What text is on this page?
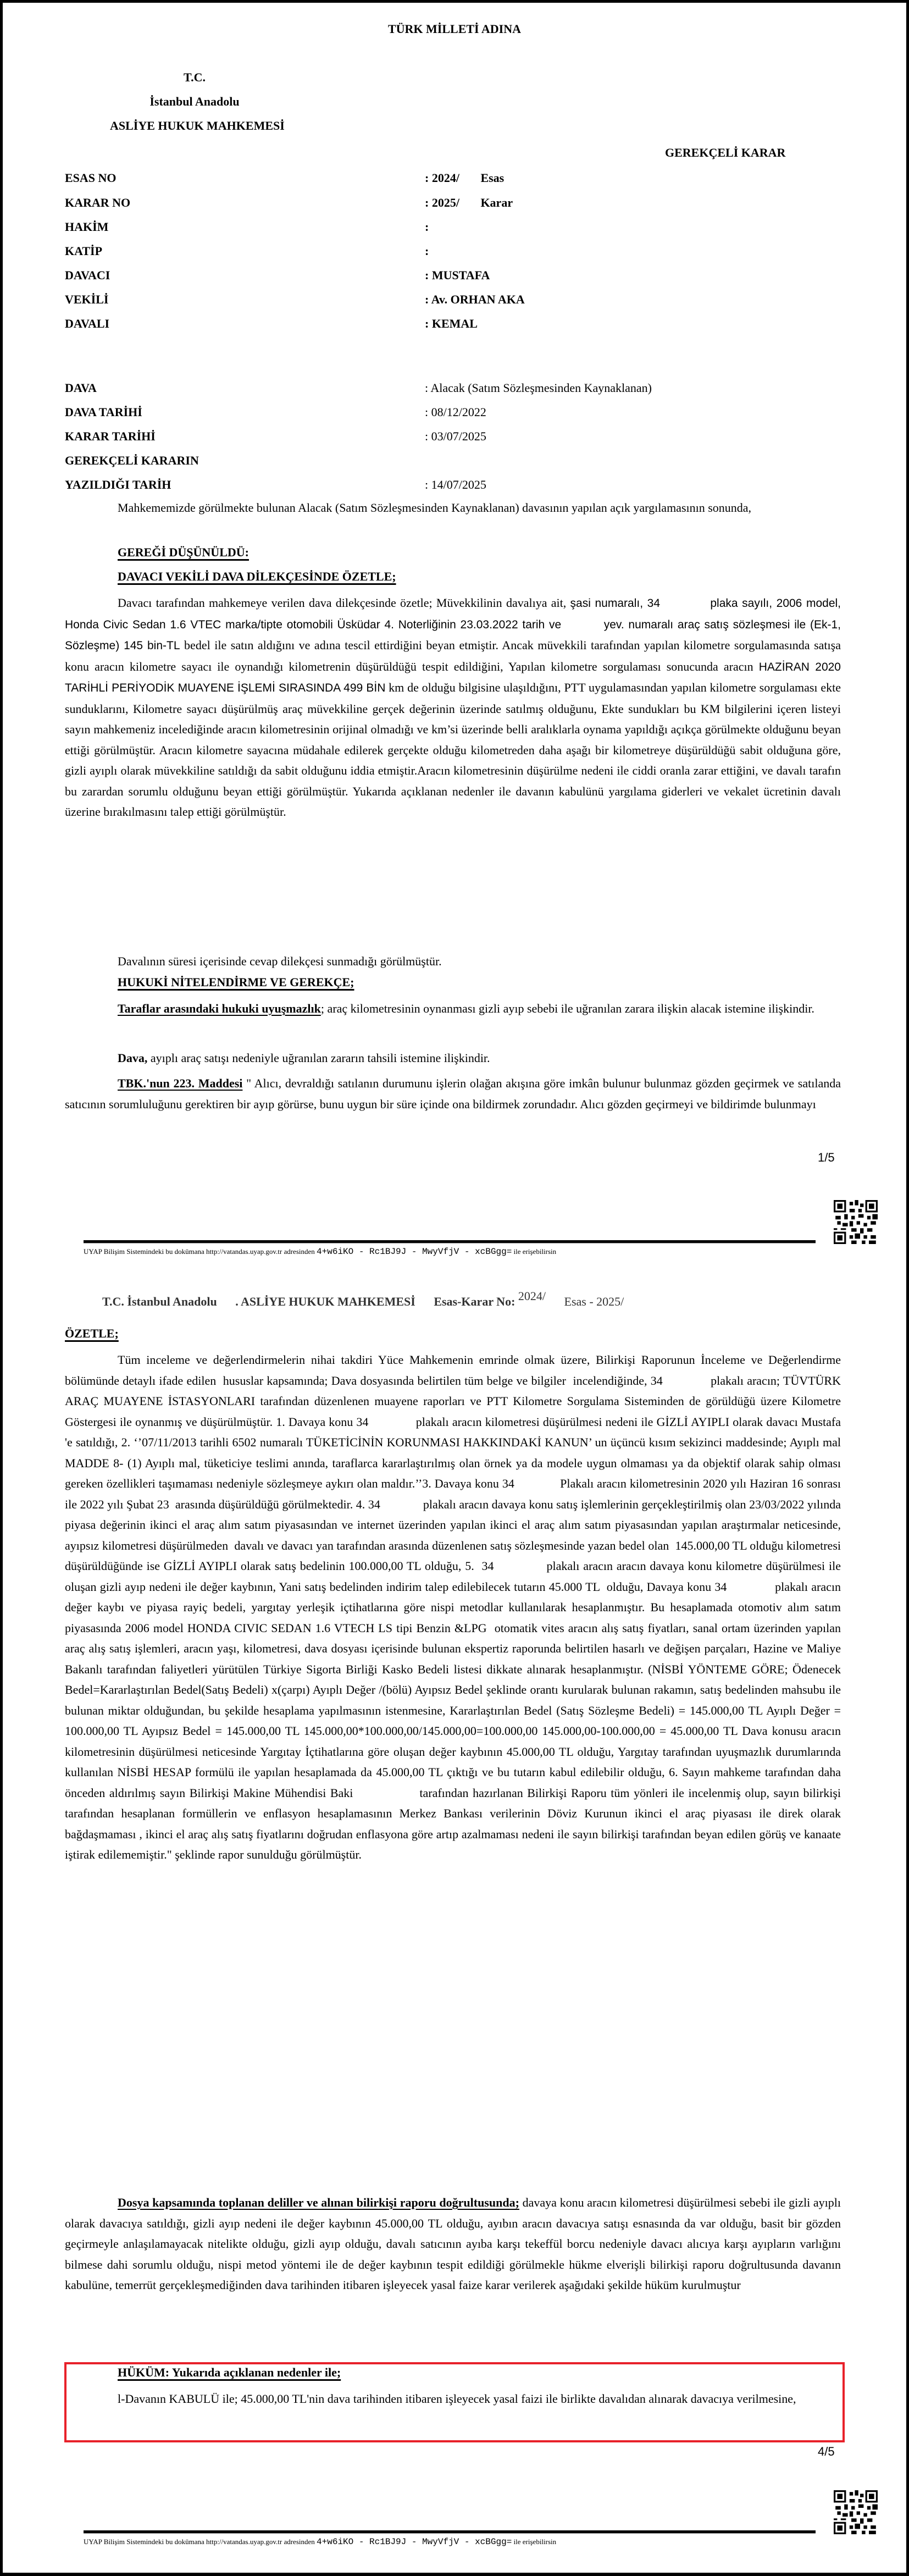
TÜRK MİLLETİ ADINA
T.C.
İstanbul Anadolu
ASLİYE HUKUK MAHKEMESİ
GEREKÇELİ KARAR
ESAS NO	: 2024/       Esas
KARAR NO	: 2025/       Karar
HAKİM	:
KATİP	:
DAVACI	: MUSTAFA
VEKİLİ	: Av. ORHAN AKA
DAVALI	: KEMAL
DAVA	: Alacak (Satım Sözleşmesinden Kaynaklanan)
DAVA TARİHİ	: 08/12/2022
KARAR TARİHİ	: 03/07/2025
GEREKÇELİ KARARIN
YAZILDIĞI TARİH	: 14/07/2025
Mahkememizde görülmekte bulunan Alacak (Satım Sözleşmesinden Kaynaklanan) davasının yapılan açık yargılamasının sonunda,
GEREĞİ DÜŞÜNÜLDÜ:
DAVACI VEKİLİ DAVA DİLEKÇESİNDE ÖZETLE;
Davacı tarafından mahkemeye verilen dava dilekçesinde özetle; Müvekkilinin davalıya ait, şasi numaralı, 34            plaka sayılı, 2006 model, Honda Civic Sedan 1.6 VTEC marka/tipte otomobili Üsküdar 4. Noterliğinin 23.03.2022 tarih ve          yev. numaralı araç satış sözleşmesi ile (Ek-1, Sözleşme) 145 bin-TL bedel ile satın aldığını ve adına tescil ettirdiğini beyan etmiştir. Ancak müvekkili tarafından yapılan kilometre sorgulamasında satışa konu aracın kilometre sayacı ile oynandığı kilometrenin düşürüldüğü tespit edildiğini, Yapılan kilometre sorgulaması sonucunda aracın HAZİRAN 2020 TARİHLİ PERİYODİK MUAYENE İŞLEMİ SIRASINDA 499 BİN km de olduğu bilgisine ulaşıldığını, PTT uygulamasından yapılan kilometre sorgulaması ekte sunduklarını, Kilometre sayacı düşürülmüş araç müvekkiline gerçek değerinin üzerinde satılmış olduğunu, Ekte sundukları bu KM bilgilerini içeren listeyi sayın mahkemeniz incelediğinde aracın kilometresinin orijinal olmadığı ve km’si üzerinde belli aralıklarla oynama yapıldığı açıkça görülmekte olduğunu beyan ettiği görülmüştür. Aracın kilometre sayacına müdahale edilerek gerçekte olduğu kilometreden daha aşağı bir kilometreye düşürüldüğü sabit olduğuna göre, gizli ayıplı olarak müvekkiline satıldığı da sabit olduğunu iddia etmiştir.Aracın kilometresinin düşürülme nedeni ile ciddi oranla zarar ettiğini, ve davalı tarafın bu zarardan sorumlu olduğunu beyan ettiği görülmüştür. Yukarıda açıklanan nedenler ile davanın kabulünü yargılama giderleri ve vekalet ücretinin davalı üzerine bırakılmasını talep ettiği görülmüştür.
Davalının süresi içerisinde cevap dilekçesi sunmadığı görülmüştür.
HUKUKİ NİTELENDİRME VE GEREKÇE;
Taraflar arasındaki hukuki uyuşmazlık; araç kilometresinin oynanması gizli ayıp sebebi ile uğranılan zarara ilişkin alacak istemine ilişkindir.
Dava, ayıplı araç satışı nedeniyle uğranılan zararın tahsili istemine ilişkindir.
TBK.'nun 223. Maddesi " Alıcı, devraldığı satılanın durumunu işlerin olağan akışına göre imkân bulunur bulunmaz gözden geçirmek ve satılanda satıcının sorumluluğunu gerektiren bir ayıp görürse, bunu uygun bir süre içinde ona bildirmek zorundadır. Alıcı gözden geçirmeyi ve bildirimde bulunmayı
1/5
UYAP Bilişim Sistemindeki bu dokümana http://vatandas.uyap.gov.tr adresinden 4+w6iKO - Rc1BJ9J - MwyVfjV - xcBGgg= ile erişebilirsin
T.C. İstanbul Anadolu . ASLİYE HUKUK MAHKEMESİ Esas-Karar No: $^{2024/}$ Esas - 2025/
ÖZETLE;
Tüm inceleme ve değerlendirmelerin nihai takdiri Yüce Mahkemenin emrinde olmak üzere, Bilirkişi Raporunun İnceleme ve Değerlendirme bölümünde detaylı ifade edilen  hususlar kapsamında; Dava dosyasında belirtilen tüm belge ve bilgiler  incelendiğinde, 34              plakalı aracın; TÜVTÜRK ARAÇ MUAYENE İSTASYONLARI tarafından düzenlenen muayene raporları ve PTT Kilometre Sorgulama Sisteminden de görüldüğü üzere Kilometre Göstergesi ile oynanmış ve düşürülmüştür. 1. Davaya konu 34              plakalı aracın kilometresi düşürülmesi nedeni ile GİZLİ AYIPLI olarak davacı Mustafa      'e satıldığı, 2. ‘’07/11/2013 tarihli 6502 numaralı TÜKETİCİNİN KORUNMASI HAKKINDAKİ KANUN’ un üçüncü kısım sekizinci maddesinde; Ayıplı mal MADDE 8- (1) Ayıplı mal, tüketiciye teslimi anında, taraflarca kararlaştırılmış olan örnek ya da modele uygun olmaması ya da objektif olarak sahip olması gereken özellikleri taşımaması nedeniyle sözleşmeye aykırı olan maldır.’’3. Davaya konu 34              Plakalı aracın kilometresinin 2020 yılı Haziran 16 sonrası ile 2022 yılı Şubat 23  arasında düşürüldüğü görülmektedir. 4. 34              plakalı aracın davaya konu satış işlemlerinin gerçekleştirilmiş olan 23/03/2022 yılında piyasa değerinin ikinci el araç alım satım piyasasından ve internet üzerinden yapılan ikinci el araç alım satım piyasasından yapılan araştırmalar neticesinde, ayıpsız kilometresi düşürülmeden  davalı ve davacı yan tarafından arasında düzenlenen satış sözleşmesinde yazan bedel olan  145.000,00 TL olduğu kilometresi düşürüldüğünde ise GİZLİ AYIPLI olarak satış bedelinin 100.000,00 TL olduğu, 5.  34              plakalı aracın aracın davaya konu kilometre düşürülmesi ile oluşan gizli ayıp nedeni ile değer kaybının, Yani satış bedelinden indirim talep edilebilecek tutarın 45.000 TL  olduğu, Davaya konu 34              plakalı aracın değer kaybı ve piyasa rayiç bedeli, yargıtay yerleşik içtihatlarına göre nispi metodlar kullanılarak hesaplanmıştır. Bu hesaplamada otomotiv alım satım piyasasında 2006 model HONDA CIVIC SEDAN 1.6 VTECH LS tipi Benzin &LPG  otomatik vites aracın alış satış fiyatları, sanal ortam üzerinden yapılan araç alış satış işlemleri, aracın yaşı, kilometresi, dava dosyası içerisinde bulunan ekspertiz raporunda belirtilen hasarlı ve değişen parçaları, Hazine ve Maliye Bakanlı tarafından faliyetleri yürütülen Türkiye Sigorta Birliği Kasko Bedeli listesi dikkate alınarak hesaplanmıştır. (NİSBİ YÖNTEME GÖRE; Ödenecek Bedel=Kararlaştırılan Bedel(Satış Bedeli) x(çarpı) Ayıplı Değer /(bölü) Ayıpsız Bedel şeklinde orantı kurularak bulunan rakamın, satış bedelinden mahsubu ile bulunan miktar olduğundan, bu şekilde hesaplama yapılmasının istenmesine, Kararlaştırılan Bedel (Satış Sözleşme Bedeli) = 145.000,00 TL Ayıplı Değer = 100.000,00 TL Ayıpsız Bedel = 145.000,00 TL 145.000,00*100.000,00/145.000,00=100.000,00 145.000,00-100.000,00 = 45.000,00 TL Dava konusu aracın kilometresinin düşürülmesi neticesinde Yargıtay İçtihatlarına göre oluşan değer kaybının 45.000,00 TL olduğu, Yargıtay tarafından uyuşmazlık durumlarında kullanılan NİSBİ HESAP formülü ile yapılan hesaplamada da 45.000,00 TL çıktığı ve bu tutarın kabul edilebilir olduğu, 6. Sayın mahkeme tarafından daha önceden aldırılmış sayın Bilirkişi Makine Mühendisi Baki                tarafından hazırlanan Bilirkişi Raporu tüm yönleri ile incelenmiş olup, sayın bilirkişi tarafından hesaplanan formüllerin ve enflasyon hesaplamasının Merkez Bankası verilerinin Döviz Kurunun ikinci el araç piyasası ile direk olarak bağdaşmaması , ikinci el araç alış satış fiyatlarını doğrudan enflasyona göre artıp azalmaması nedeni ile sayın bilirkişi tarafından beyan edilen görüş ve kanaate iştirak edilememiştir." şeklinde rapor sunulduğu görülmüştür.
Dosya kapsamında toplanan deliller ve alınan bilirkişi raporu doğrultusunda; davaya konu aracın kilometresi düşürülmesi sebebi ile gizli ayıplı olarak davacıya satıldığı, gizli ayıp nedeni ile değer kaybının 45.000,00 TL olduğu, ayıbın aracın davacıya satışı esnasında da var olduğu, basit bir gözden geçirmeyle anlaşılamayacak nitelikte olduğu, gizli ayıp olduğu, davalı satıcının ayıba karşı tekeffül borcu nedeniyle davacı alıcıya karşı ayıpların varlığını bilmese dahi sorumlu olduğu, nispi metod yöntemi ile de değer kaybının tespit edildiği görülmekle hükme elverişli bilirkişi raporu doğrultusunda davanın kabulüne, temerrüt gerçekleşmediğinden dava tarihinden itibaren işleyecek yasal faize karar verilerek aşağıdaki şekilde hüküm kurulmuştur
HÜKÜM: Yukarıda açıklanan nedenler ile;
l-Davanın KABULÜ ile; 45.000,00 TL'nin dava tarihinden itibaren işleyecek yasal faizi ile birlikte davalıdan alınarak davacıya verilmesine,
4/5
UYAP Bilişim Sistemindeki bu dokümana http://vatandas.uyap.gov.tr adresinden 4+w6iKO - Rc1BJ9J - MwyVfjV - xcBGgg= ile erişebilirsin
